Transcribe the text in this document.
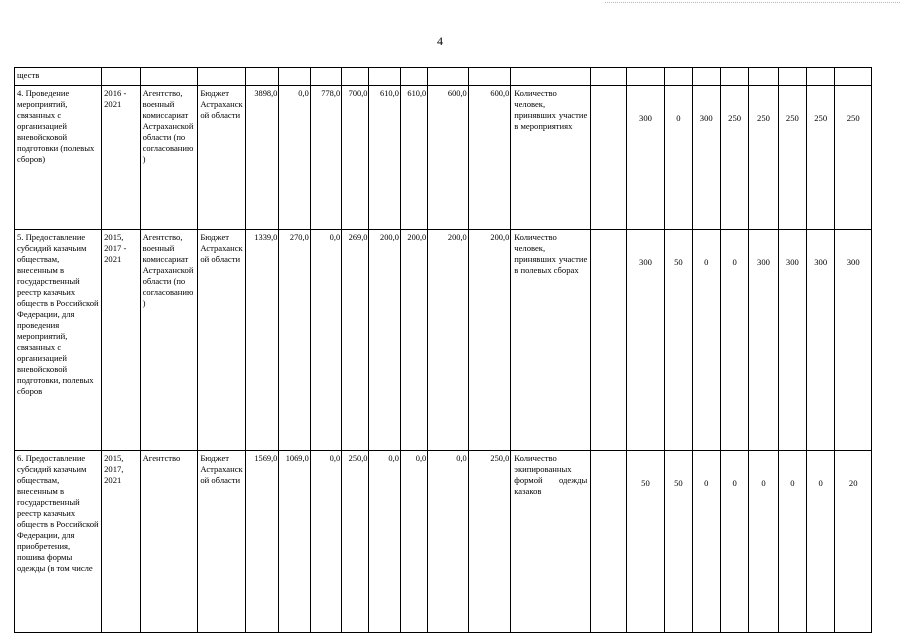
4
ществ																					
4. Проведение мероприятий, связанных с организацией вневойсковой подготовки (полевых сборов)	2016 - 2021	Агентство, военный комиссариат Астраханской области (по согласованию)	Бюджет Астраханской области	3898,0	0,0	778,0	700,0	610,0	610,0	600,0	600,0	Количество человек, принявших участие в мероприятиях		300	0	300	250	250	250	250	250
5. Предоставление субсидий казачьим обществам, внесенным в государственный реестр казачьих обществ в Российской Федерации, для проведения мероприятий, связанных с организацией вневойсковой подготовки, полевых сборов	2015, 2017 - 2021	Агентство, военный комиссариат Астраханской области (по согласованию)	Бюджет Астраханской области	1339,0	270,0	0,0	269,0	200,0	200,0	200,0	200,0	Количество человек, принявших участие в полевых сборах		300	50	0	0	300	300	300	300
6. Предоставление субсидий казачьим обществам, внесенным в государственный реестр казачьих обществ в Российской Федерации, для приобретения, пошива формы одежды (в том числе	2015, 2017, 2021	Агентство	Бюджет Астраханской области	1569,0	1069,0	0,0	250,0	0,0	0,0	0,0	250,0	Количество экипированных формой одежды казаков		50	50	0	0	0	0	0	20
